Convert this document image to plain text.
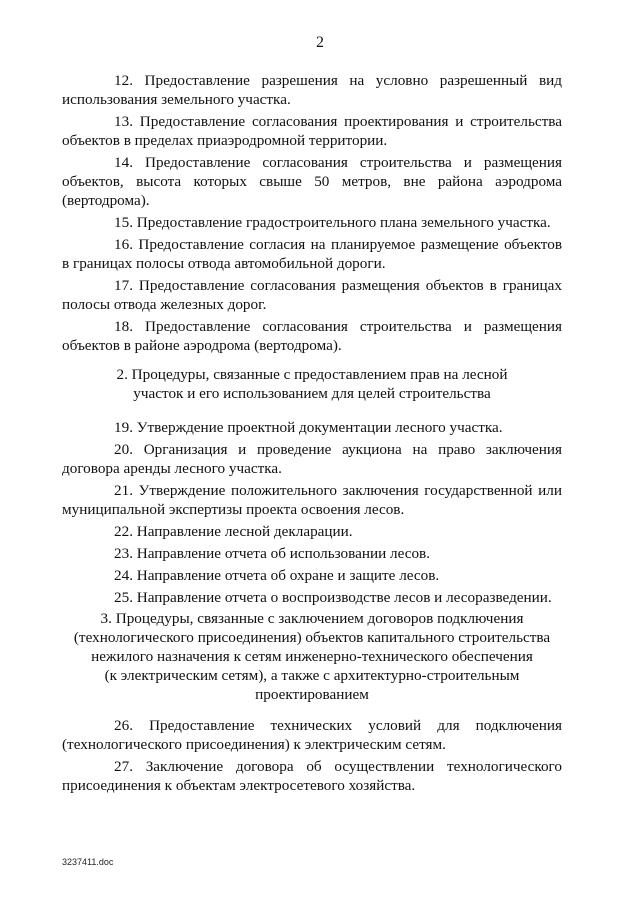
2

12. Предоставление разрешения на условно разрешенный вид использования земельного участка.

13. Предоставление согласования проектирования и строительства объектов в пределах приаэродромной территории.

14. Предоставление согласования строительства и размещения объектов, высота которых свыше 50 метров, вне района аэродрома (вертодрома).

15. Предоставление градостроительного плана земельного участка.

16. Предоставление согласия на планируемое размещение объектов в границах полосы отвода автомобильной дороги.

17. Предоставление согласования размещения объектов в границах полосы отвода железных дорог.

18. Предоставление согласования строительства и размещения объектов в районе аэродрома (вертодрома).

2. Процедуры, связанные с предоставлением прав на лесной
участок и его использованием для целей строительства

19. Утверждение проектной документации лесного участка.

20. Организация и проведение аукциона на право заключения договора аренды лесного участка.

21. Утверждение положительного заключения государственной или муниципальной экспертизы проекта освоения лесов.

22. Направление лесной декларации.

23. Направление отчета об использовании лесов.

24. Направление отчета об охране и защите лесов.

25. Направление отчета о воспроизводстве лесов и лесоразведении.

3. Процедуры, связанные с заключением договоров подключения
(технологического присоединения) объектов капитального строительства
нежилого назначения к сетям инженерно-технического обеспечения
(к электрическим сетям), а также с архитектурно-строительным
проектированием

26. Предоставление технических условий для подключения (технологического присоединения) к электрическим сетям.

27. Заключение договора об осуществлении технологического присоединения к объектам электросетевого хозяйства.

3237411.doc
